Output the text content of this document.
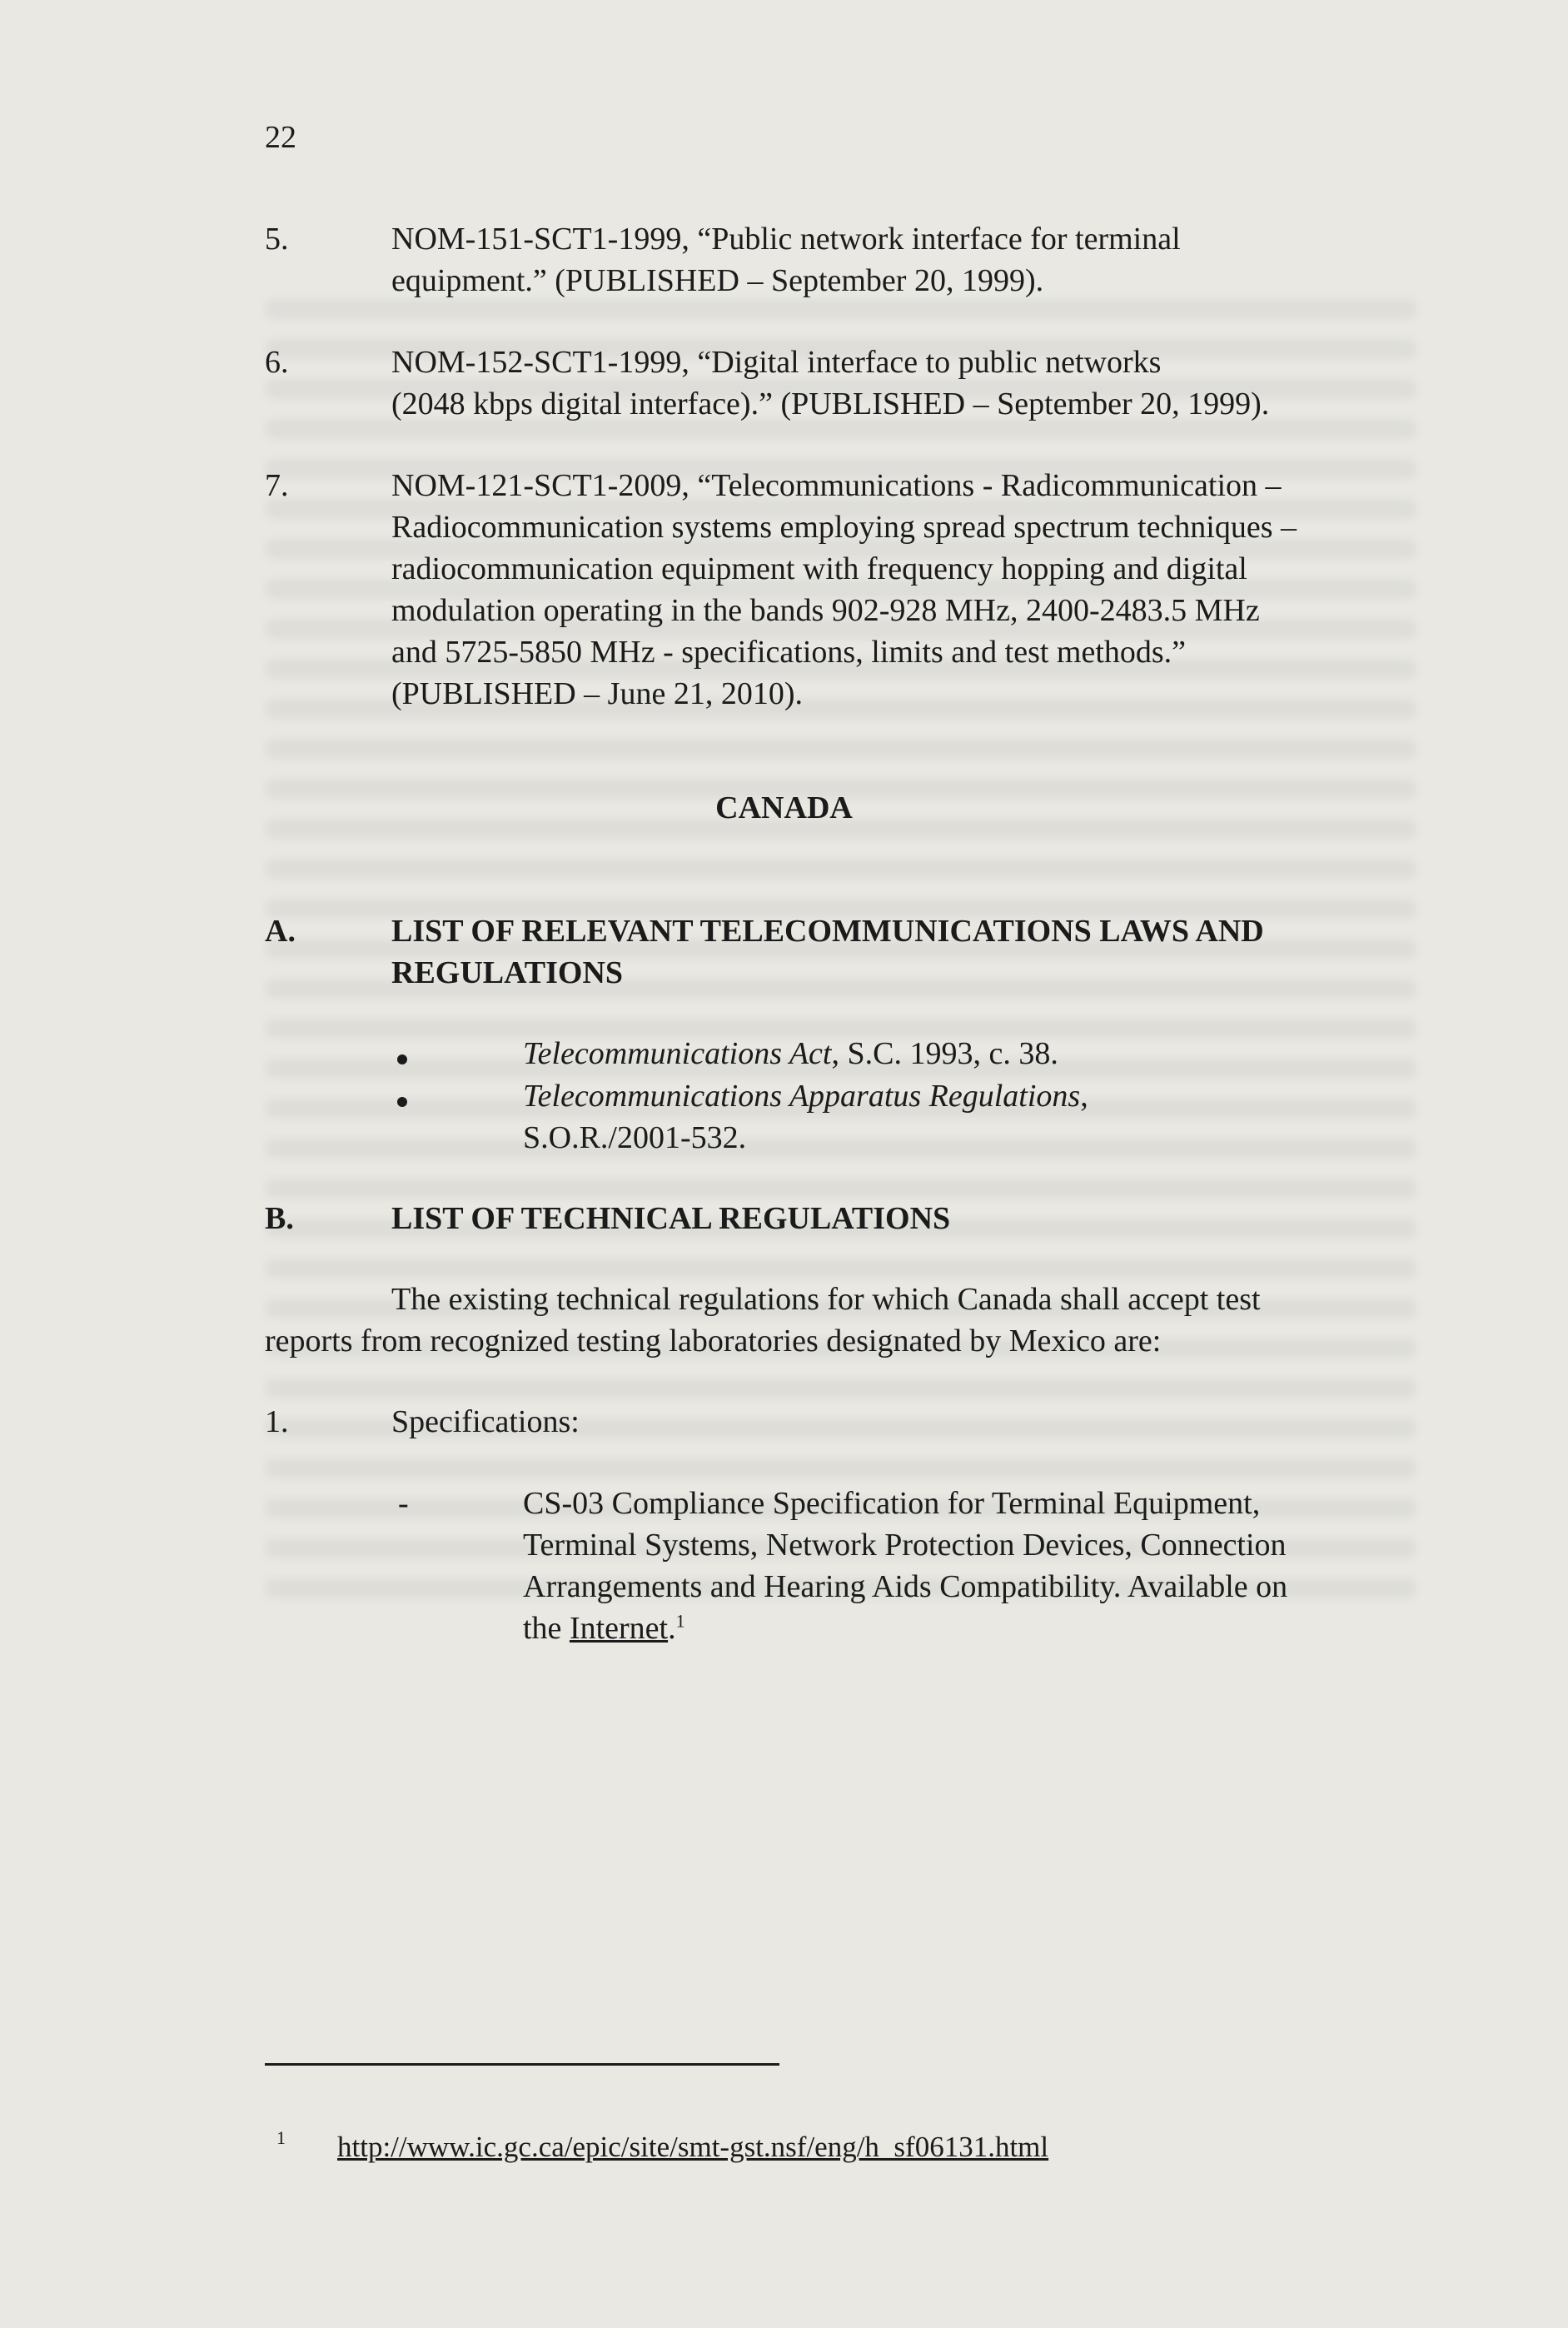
22
5.	NOM-151-SCT1-1999, “Public network interface for terminal
equipment.” (PUBLISHED – September 20, 1999).
6.	NOM-152-SCT1-1999, “Digital interface to public networks
(2048 kbps digital interface).” (PUBLISHED – September 20, 1999).
7.	NOM-121-SCT1-2009, “Telecommunications - Radicommunication –
Radiocommunication systems employing spread spectrum techniques –
radiocommunication equipment with frequency hopping and digital
modulation operating in the bands 902-928 MHz, 2400-2483.5 MHz
and 5725-5850 MHz - specifications, limits and test methods.”
(PUBLISHED – June 21, 2010).
CANADA
A.	LIST OF RELEVANT TELECOMMUNICATIONS LAWS AND
REGULATIONS
Telecommunications Act, S.C. 1993, c. 38.
Telecommunications Apparatus Regulations,
S.O.R./2001-532.
B.	LIST OF TECHNICAL REGULATIONS
The existing technical regulations for which Canada shall accept test
reports from recognized testing laboratories designated by Mexico are:
1.	Specifications:
-	CS-03 Compliance Specification for Terminal Equipment,
Terminal Systems, Network Protection Devices, Connection
Arrangements and Hearing Aids Compatibility. Available on
the Internet.$^1$
1 http://www.ic.gc.ca/epic/site/smt-gst.nsf/eng/h_sf06131.html
